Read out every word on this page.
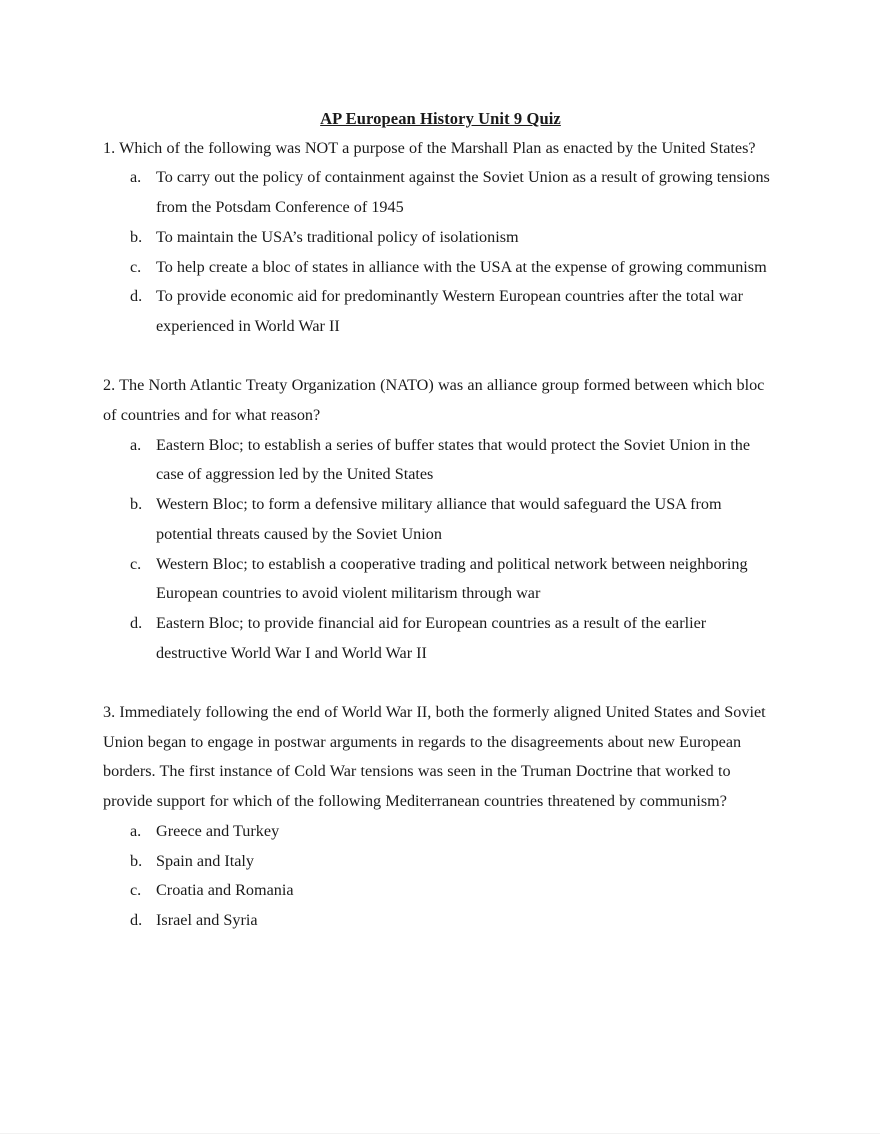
AP European History Unit 9 Quiz

1. Which of the following was NOT a purpose of the Marshall Plan as enacted by the United States?

a. To carry out the policy of containment against the Soviet Union as a result of growing tensions from the Potsdam Conference of 1945
b. To maintain the USA’s traditional policy of isolationism
c. To help create a bloc of states in alliance with the USA at the expense of growing communism
d. To provide economic aid for predominantly Western European countries after the total war experienced in World War II

2. The North Atlantic Treaty Organization (NATO) was an alliance group formed between which bloc of countries and for what reason?

a. Eastern Bloc; to establish a series of buffer states that would protect the Soviet Union in the case of aggression led by the United States
b. Western Bloc; to form a defensive military alliance that would safeguard the USA from potential threats caused by the Soviet Union
c. Western Bloc; to establish a cooperative trading and political network between neighboring European countries to avoid violent militarism through war
d. Eastern Bloc; to provide financial aid for European countries as a result of the earlier destructive World War I and World War II

3. Immediately following the end of World War II, both the formerly aligned United States and Soviet Union began to engage in postwar arguments in regards to the disagreements about new European borders. The first instance of Cold War tensions was seen in the Truman Doctrine that worked to provide support for which of the following Mediterranean countries threatened by communism?

a. Greece and Turkey
b. Spain and Italy
c. Croatia and Romania
d. Israel and Syria
